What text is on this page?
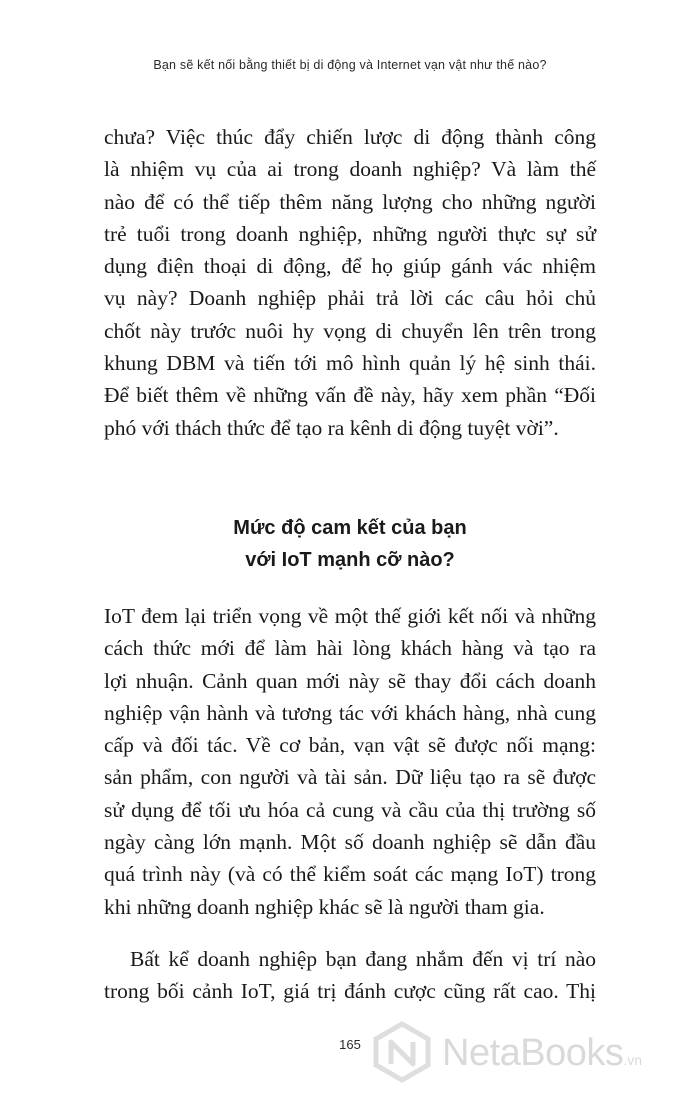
Bạn sẽ kết nối bằng thiết bị di động và Internet vạn vật như thế nào?
chưa? Việc thúc đẩy chiến lược di động thành công
là nhiệm vụ của ai trong doanh nghiệp? Và làm thế
nào để có thể tiếp thêm năng lượng cho những người
trẻ tuổi trong doanh nghiệp, những người thực sự sử
dụng điện thoại di động, để họ giúp gánh vác nhiệm
vụ này? Doanh nghiệp phải trả lời các câu hỏi chủ
chốt này trước nuôi hy vọng di chuyển lên trên trong
khung DBM và tiến tới mô hình quản lý hệ sinh thái.
Để biết thêm về những vấn đề này, hãy xem phần “Đối
phó với thách thức để tạo ra kênh di động tuyệt vời”.
Mức độ cam kết của bạn
với IoT mạnh cỡ nào?
IoT đem lại triển vọng về một thế giới kết nối và những
cách thức mới để làm hài lòng khách hàng và tạo ra
lợi nhuận. Cảnh quan mới này sẽ thay đổi cách doanh
nghiệp vận hành và tương tác với khách hàng, nhà cung
cấp và đối tác. Về cơ bản, vạn vật sẽ được nối mạng:
sản phẩm, con người và tài sản. Dữ liệu tạo ra sẽ được
sử dụng để tối ưu hóa cả cung và cầu của thị trường số
ngày càng lớn mạnh. Một số doanh nghiệp sẽ dẫn đầu
quá trình này (và có thể kiểm soát các mạng IoT) trong
khi những doanh nghiệp khác sẽ là người tham gia.
Bất kể doanh nghiệp bạn đang nhắm đến vị trí nào
trong bối cảnh IoT, giá trị đánh cược cũng rất cao. Thị
165	NetaBooks.vn
